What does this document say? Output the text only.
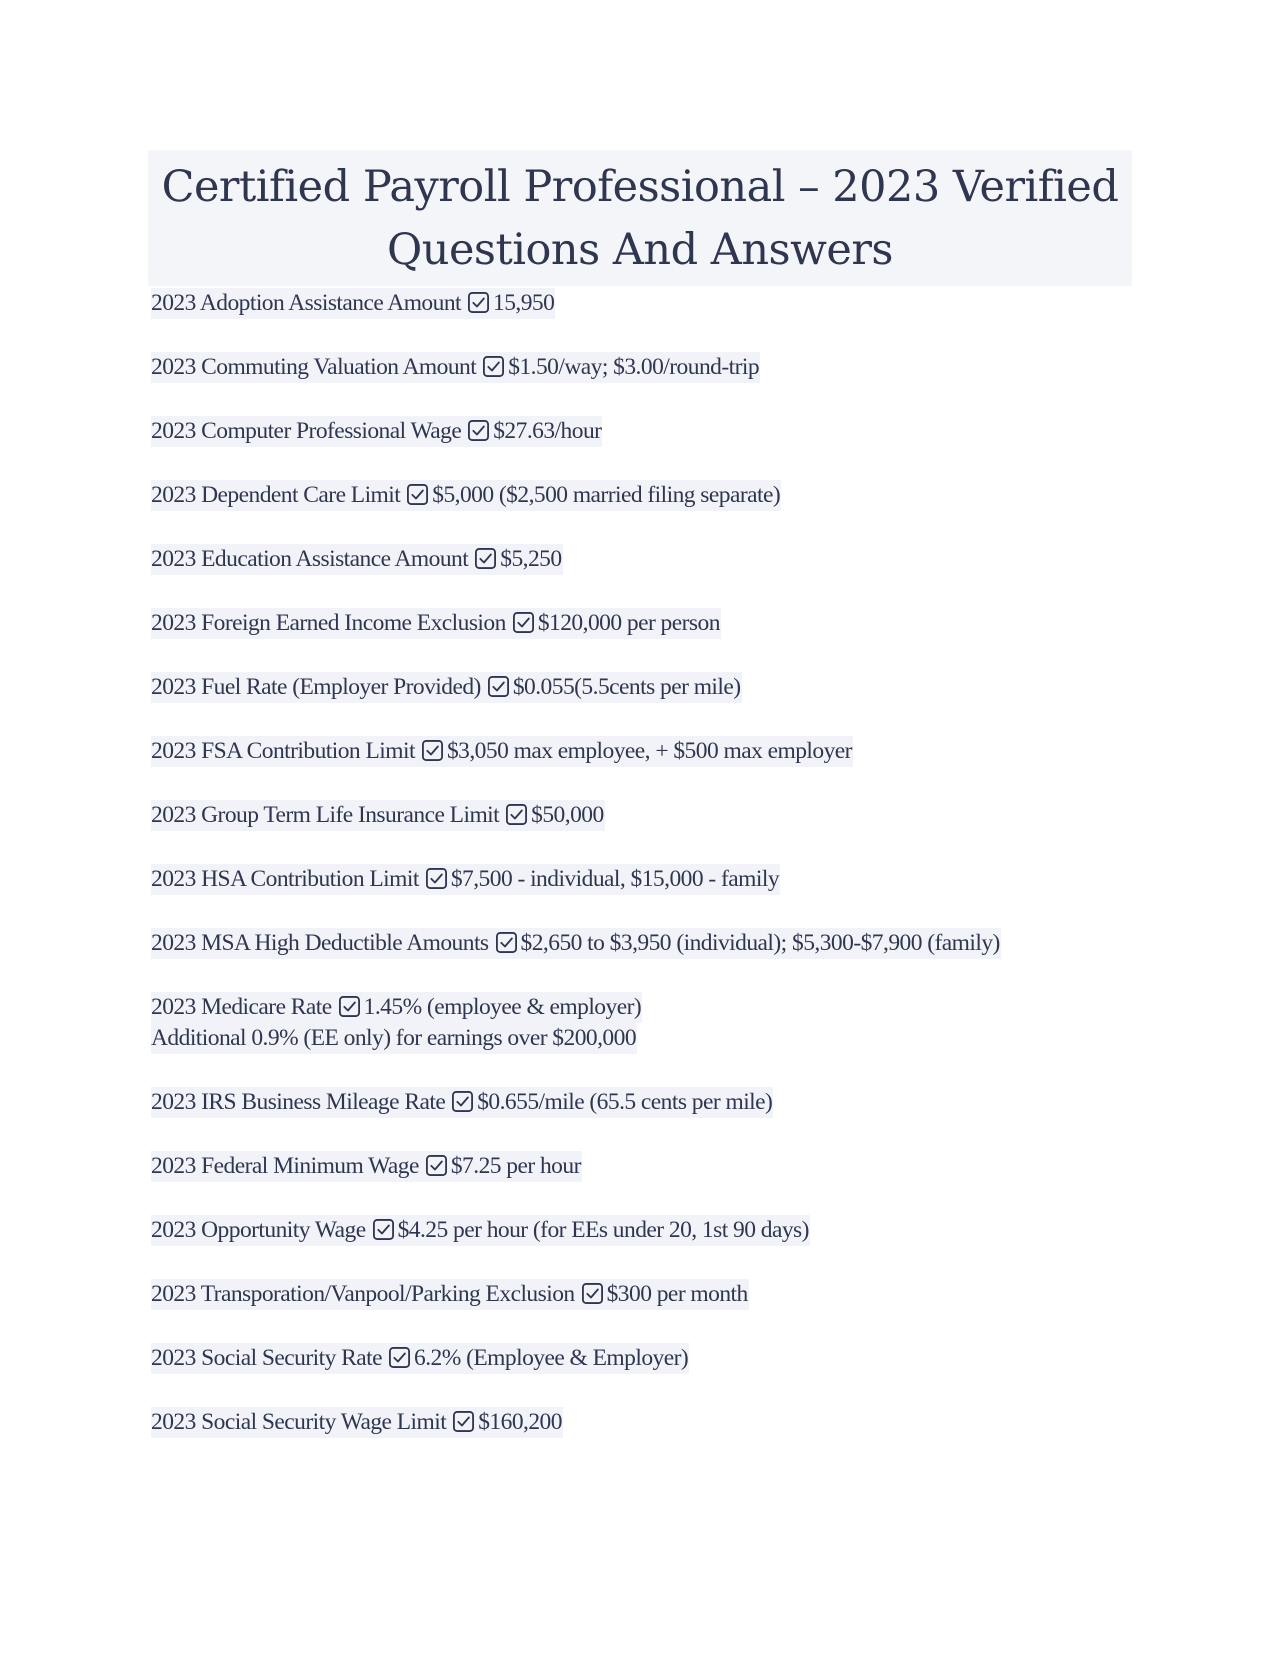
Certified Payroll Professional – 2023 Verified Questions And Answers
2023 Adoption Assistance Amount 15,950
2023 Commuting Valuation Amount $1.50/way; $3.00/round-trip
2023 Computer Professional Wage $27.63/hour
2023 Dependent Care Limit $5,000 ($2,500 married filing separate)
2023 Education Assistance Amount $5,250
2023 Foreign Earned Income Exclusion $120,000 per person
2023 Fuel Rate (Employer Provided) $0.055(5.5cents per mile)
2023 FSA Contribution Limit $3,050 max employee, + $500 max employer
2023 Group Term Life Insurance Limit $50,000
2023 HSA Contribution Limit $7,500 - individual, $15,000 - family
2023 MSA High Deductible Amounts $2,650 to $3,950 (individual); $5,300-$7,900 (family)
2023 Medicare Rate 1.45% (employee & employer)
Additional 0.9% (EE only) for earnings over $200,000
2023 IRS Business Mileage Rate $0.655/mile (65.5 cents per mile)
2023 Federal Minimum Wage $7.25 per hour
2023 Opportunity Wage $4.25 per hour (for EEs under 20, 1st 90 days)
2023 Transporation/Vanpool/Parking Exclusion $300 per month
2023 Social Security Rate 6.2% (Employee & Employer)
2023 Social Security Wage Limit $160,200
